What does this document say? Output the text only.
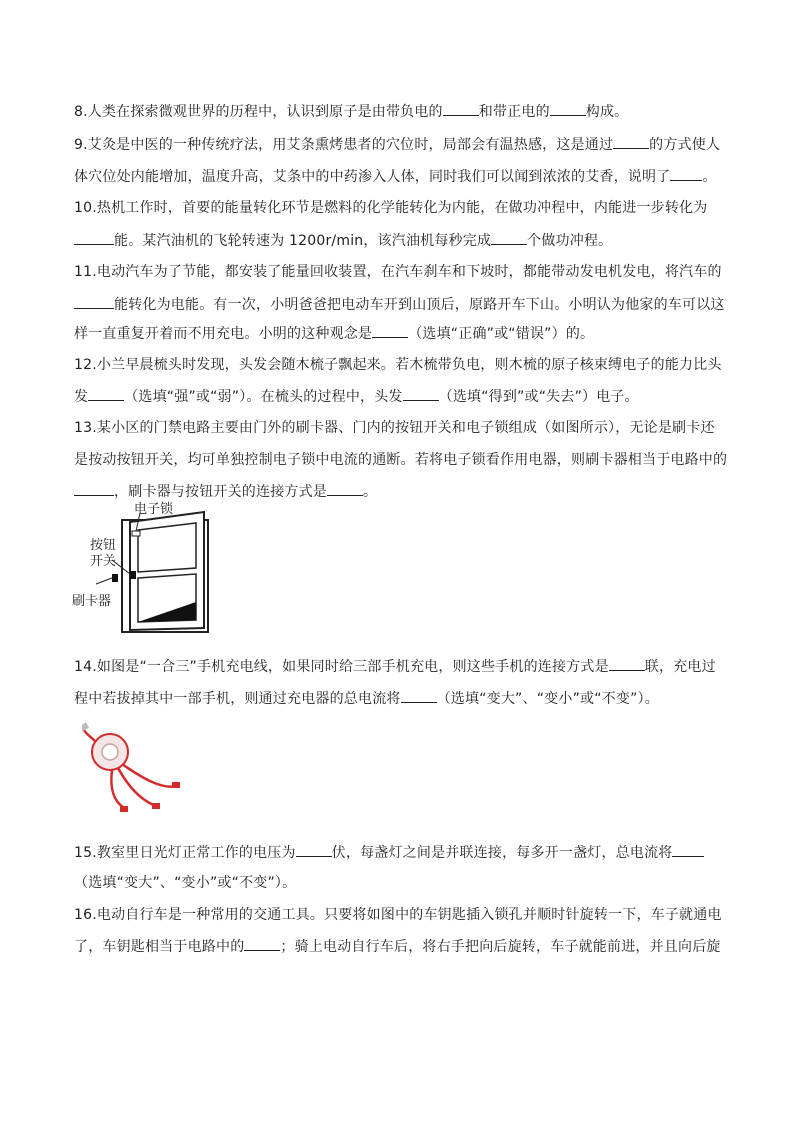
8.人类在探索微观世界的历程中，认识到原子是由带负电的	和带正电的	构成。
9.艾灸是中医的一种传统疗法，用艾条熏烤患者的穴位时，局部会有温热感，这是通过	的方式使人
体穴位处内能增加，温度升高，艾条中的中药渗入人体，同时我们可以闻到浓浓的艾香，说明了 。
10.热机工作时，首要的能量转化环节是燃料的化学能转化为内能，在做功冲程中，内能进一步转化为
能。某汽油机的飞轮转速为 1200r/min，该汽油机每秒完成	个做功冲程。
11.电动汽车为了节能，都安装了能量回收装置，在汽车刹车和下坡时，都能带动发电机发电，将汽车的
能转化为电能。有一次，小明爸爸把电动车开到山顶后，原路开车下山。小明认为他家的车可以这
样一直重复开着而不用充电。小明的这种观念是	（选填“正确”或“错误”）的。
12.小兰早晨梳头时发现，头发会随木梳子飘起来。若木梳带负电，则木梳的原子核束缚电子的能力比头
发	（选填“强”或“弱”）。在梳头的过程中，头发	（选填“得到”或“失去”）电子。
13.某小区的门禁电路主要由门外的刷卡器、门内的按钮开关和电子锁组成（如图所示），无论是刷卡还
是按动按钮开关，均可单独控制电子锁中电流的通断。若将电子锁看作用电器，则刷卡器相当于电路中的
，刷卡器与按钮开关的连接方式是	。
电子锁
按钮
开关
刷卡器
14.如图是“一合三”手机充电线，如果同时给三部手机充电，则这些手机的连接方式是	联，充电过
程中若拔掉其中一部手机，则通过充电器的总电流将	（选填“变大”、“变小”或“不变”）。
15.教室里日光灯正常工作的电压为	伏，每盏灯之间是并联连接，每多开一盏灯，总电流将
（选填“变大”、“变小”或“不变”）。
16.电动自行车是一种常用的交通工具。只要将如图中的车钥匙插入锁孔并顺时针旋转一下，车子就通电
了，车钥匙相当于电路中的	；骑上电动自行车后，将右手把向后旋转，车子就能前进，并且向后旋
